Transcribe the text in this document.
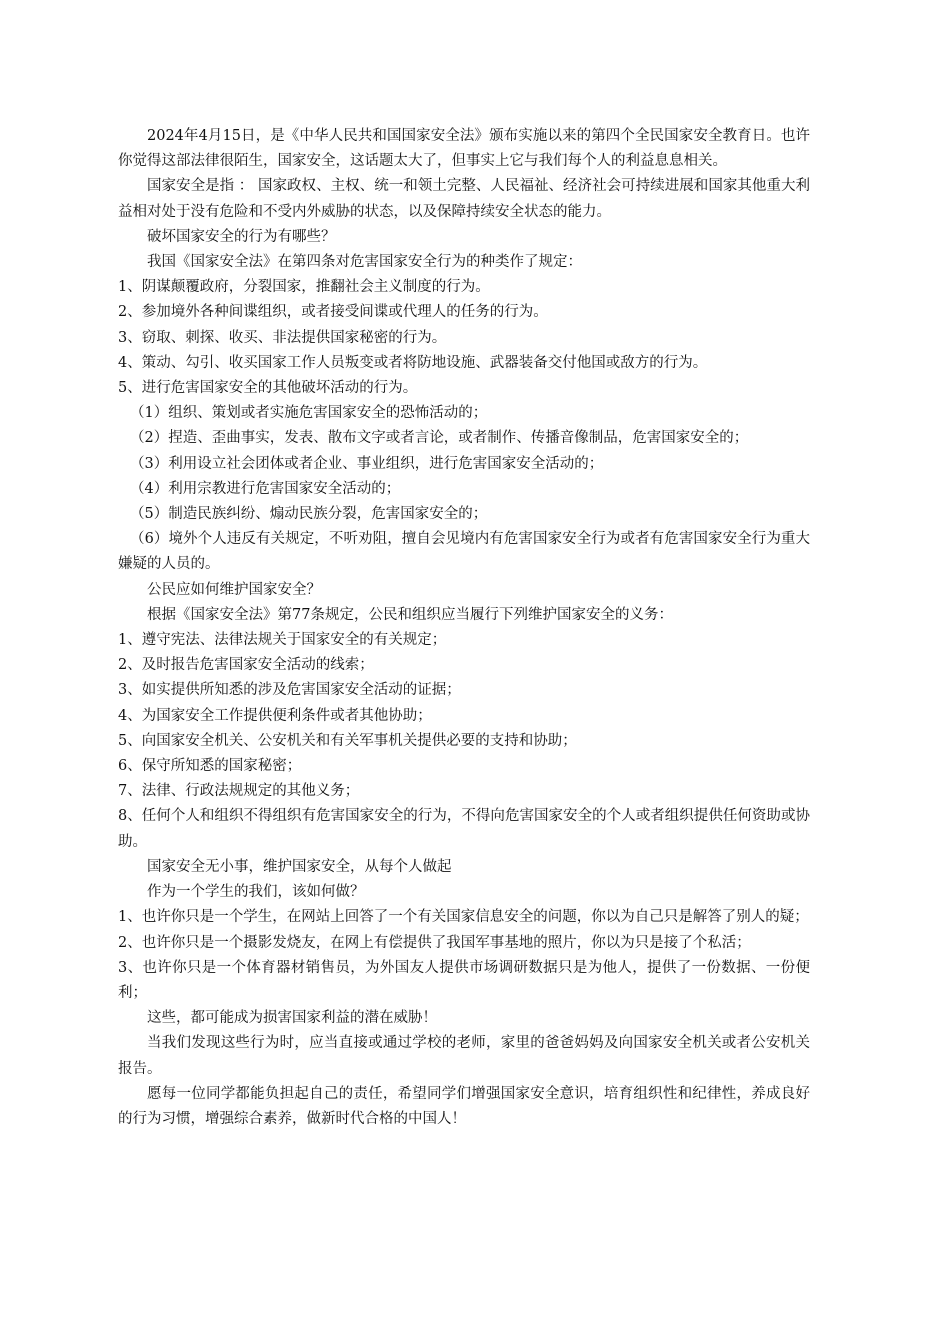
2024年4月15日，是《中华人民共和国国家安全法》颁布实施以来的第四个全民国家安全教育日。也许你觉得这部法律很陌生，国家安全，这话题太大了，但事实上它与我们每个人的利益息息相关。

国家安全是指 ： 国家政权、主权、统一和领土完整、人民福祉、经济社会可持续进展和国家其他重大利益相对处于没有危险和不受内外威胁的状态，以及保障持续安全状态的能力。

破坏国家安全的行为有哪些？

我国《国家安全法》在第四条对危害国家安全行为的种类作了规定：

1、阴谋颠覆政府，分裂国家，推翻社会主义制度的行为。

2、参加境外各种间谍组织，或者接受间谍或代理人的任务的行为。

3、窃取、刺探、收买、非法提供国家秘密的行为。

4、策动、勾引、收买国家工作人员叛变或者将防地设施、武器装备交付他国或敌方的行为。

5、进行危害国家安全的其他破坏活动的行为。

（1）组织、策划或者实施危害国家安全的恐怖活动的；

（2）捏造、歪曲事实，发表、散布文字或者言论，或者制作、传播音像制品，危害国家安全的；

（3）利用设立社会团体或者企业、事业组织，进行危害国家安全活动的；

（4）利用宗教进行危害国家安全活动的；

（5）制造民族纠纷、煽动民族分裂，危害国家安全的；

（6）境外个人违反有关规定，不听劝阻，擅自会见境内有危害国家安全行为或者有危害国家安全行为重大嫌疑的人员的。

公民应如何维护国家安全？

根据《国家安全法》第77条规定，公民和组织应当履行下列维护国家安全的义务：

1、遵守宪法、法律法规关于国家安全的有关规定；

2、及时报告危害国家安全活动的线索；

3、如实提供所知悉的涉及危害国家安全活动的证据；

4、为国家安全工作提供便利条件或者其他协助；

5、向国家安全机关、公安机关和有关军事机关提供必要的支持和协助；

6、保守所知悉的国家秘密；

7、法律、行政法规规定的其他义务；

8、任何个人和组织不得组织有危害国家安全的行为，不得向危害国家安全的个人或者组织提供任何资助或协助。

国家安全无小事，维护国家安全，从每个人做起

作为一个学生的我们，该如何做？

1、也许你只是一个学生，在网站上回答了一个有关国家信息安全的问题，你以为自己只是解答了别人的疑；

2、也许你只是一个摄影发烧友，在网上有偿提供了我国军事基地的照片，你以为只是接了个私活；

3、也许你只是一个体育器材销售员，为外国友人提供市场调研数据只是为他人，提供了一份数据、一份便利；

这些，都可能成为损害国家利益的潜在威胁！

当我们发现这些行为时，应当直接或通过学校的老师，家里的爸爸妈妈及向国家安全机关或者公安机关报告。

愿每一位同学都能负担起自己的责任，希望同学们增强国家安全意识，培育组织性和纪律性，养成良好的行为习惯，增强综合素养，做新时代合格的中国人！
